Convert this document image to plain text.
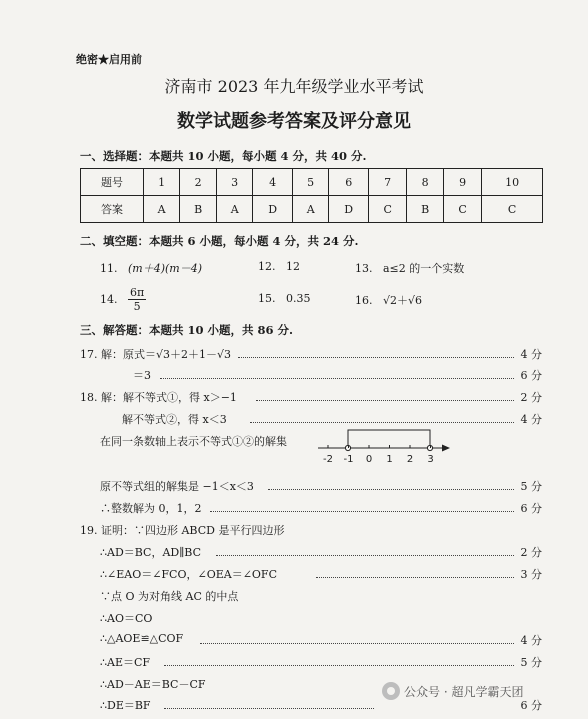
绝密★启用前
济南市 2023 年九年级学业水平考试
数学试题参考答案及评分意见
一、选择题：本题共 10 小题，每小题 4 分，共 40 分.
题号	1	2	3	4	5	6	7	8	9	10
答案	A	B	A	D	A	D	C	B	C	C
二、填空题：本题共 6 小题，每小题 4 分，共 24 分.
11. (m＋4)(m－4)	12. 12	13. a≤2 的一个实数
14. $\frac{6\pi}{5}$	15. 0.35	16. √2＋√6
三、解答题：本题共 10 小题，共 86 分.
17. 解：原式＝√3＋2＋1－√3	4 分
＝3	6 分
18. 解：解不等式①，得 x＞−1	2 分
解不等式②，得 x＜3	4 分
在同一条数轴上表示不等式①②的解集
-2 -1 0 1 2 3
原不等式组的解集是 −1＜x＜3	5 分
∴整数解为 0，1，2	6 分
19. 证明：∵四边形 ABCD 是平行四边形
∴AD＝BC，AD∥BC	2 分
∴∠EAO＝∠FCO，∠OEA＝∠OFC	3 分
∵点 O 为对角线 AC 的中点
∴AO＝CO
∴△AOE≌△COF	4 分
∴AE＝CF	5 分
∴AD－AE＝BC－CF
∴DE＝BF	6 分
公众号 · 超凡学霸天团
